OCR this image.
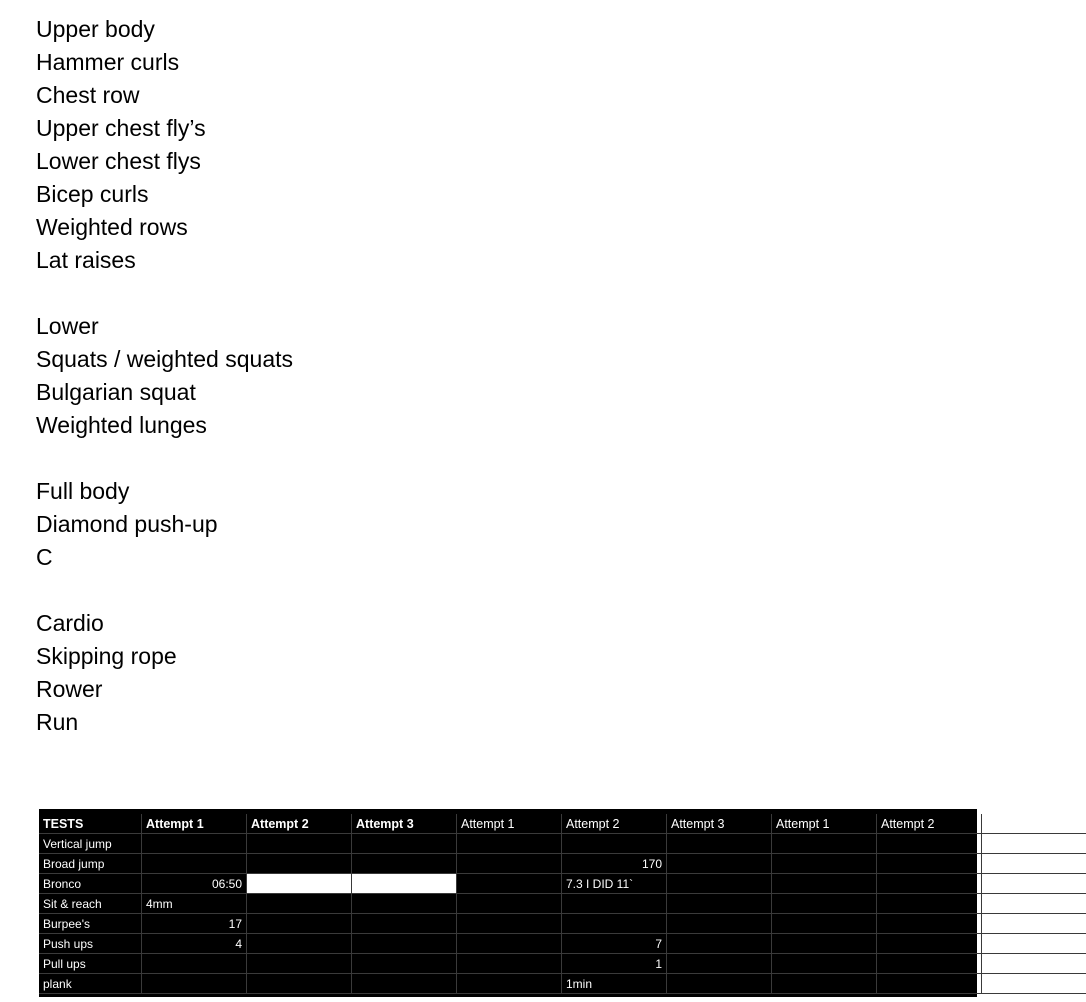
Upper body
Hammer curls
Chest row
Upper chest fly’s
Lower chest flys
Bicep curls
Weighted rows
Lat raises
Lower
Squats / weighted squats
Bulgarian squat
Weighted lunges
Full body
Diamond push-up
C
Cardio
Skipping rope
Rower
Run
TESTS	Attempt 1	Attempt 2	Attempt 3	Attempt 1	Attempt 2	Attempt 3	Attempt 1	Attempt 2	Attempt 3
Vertical jump									
Broad jump					170				
Bronco	06:50				7.3 I DID 11`				
Sit & reach	4mm								
Burpee's	17								
Push ups	4				7				
Pull ups					1				
plank					1min				
